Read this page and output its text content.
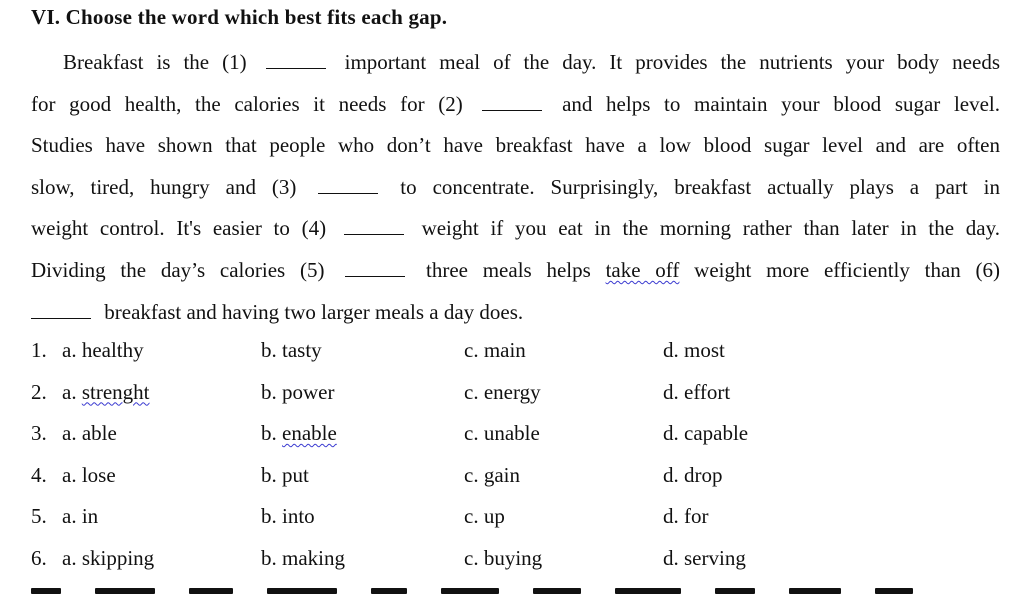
VI. Choose the word which best fits each gap.
Breakfast is the (1)	important meal of the day. It provides the nutrients your body needs
for good health, the calories it needs for (2)	and helps to maintain your blood sugar level.
Studies have shown that people who don’t have breakfast have a low blood sugar level and are often
slow, tired, hungry and (3)	to concentrate. Surprisingly, breakfast actually plays a part in
weight control. It's easier to (4)	weight if you eat in the morning rather than later in the day.
Dividing the day’s calories (5)	three meals helps take off weight more efficiently than (6)
breakfast and having two larger meals a day does.
1. a. healthy	b. tasty	c. main	d. most
2. a. strenght	b. power	c. energy	d. effort
3. a. able	b. enable	c. unable	d. capable
4. a. lose	b. put	c. gain	d. drop
5. a. in	b. into	c. up	d. for
6. a. skipping	b. making	c. buying	d. serving
